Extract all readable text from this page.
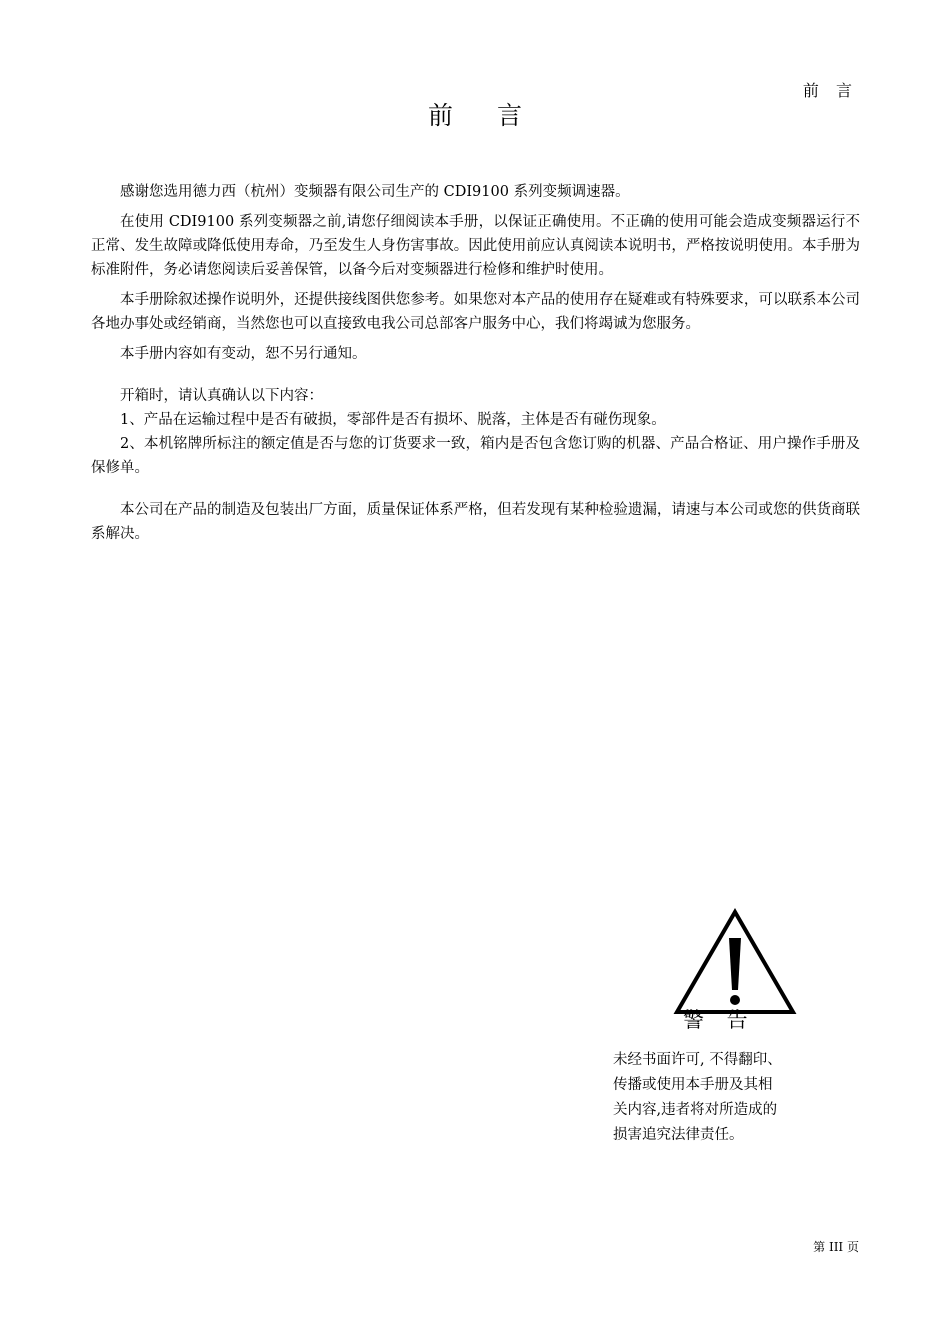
前 言
前 言

感谢您选用德力西（杭州）变频器有限公司生产的 CDI9100 系列变频调速器。

在使用 CDI9100 系列变频器之前,请您仔细阅读本手册，以保证正确使用。不正确的使用可能会造成变频器运行不正常、发生故障或降低使用寿命，乃至发生人身伤害事故。因此使用前应认真阅读本说明书，严格按说明使用。本手册为标准附件，务必请您阅读后妥善保管，以备今后对变频器进行检修和维护时使用。

本手册除叙述操作说明外，还提供接线图供您参考。如果您对本产品的使用存在疑难或有特殊要求，可以联系本公司各地办事处或经销商，当然您也可以直接致电我公司总部客户服务中心，我们将竭诚为您服务。

本手册内容如有变动，恕不另行通知。

开箱时，请认真确认以下内容：

1、产品在运输过程中是否有破损，零部件是否有损坏、脱落，主体是否有碰伤现象。

2、本机铭牌所标注的额定值是否与您的订货要求一致，箱内是否包含您订购的机器、产品合格证、用户操作手册及保修单。

本公司在产品的制造及包装出厂方面，质量保证体系严格，但若发现有某种检验遗漏，请速与本公司或您的供货商联系解决。

警 告
未经书面许可, 不得翻印、
传播或使用本手册及其相
关内容,违者将对所造成的
损害追究法律责任。
第 III 页
